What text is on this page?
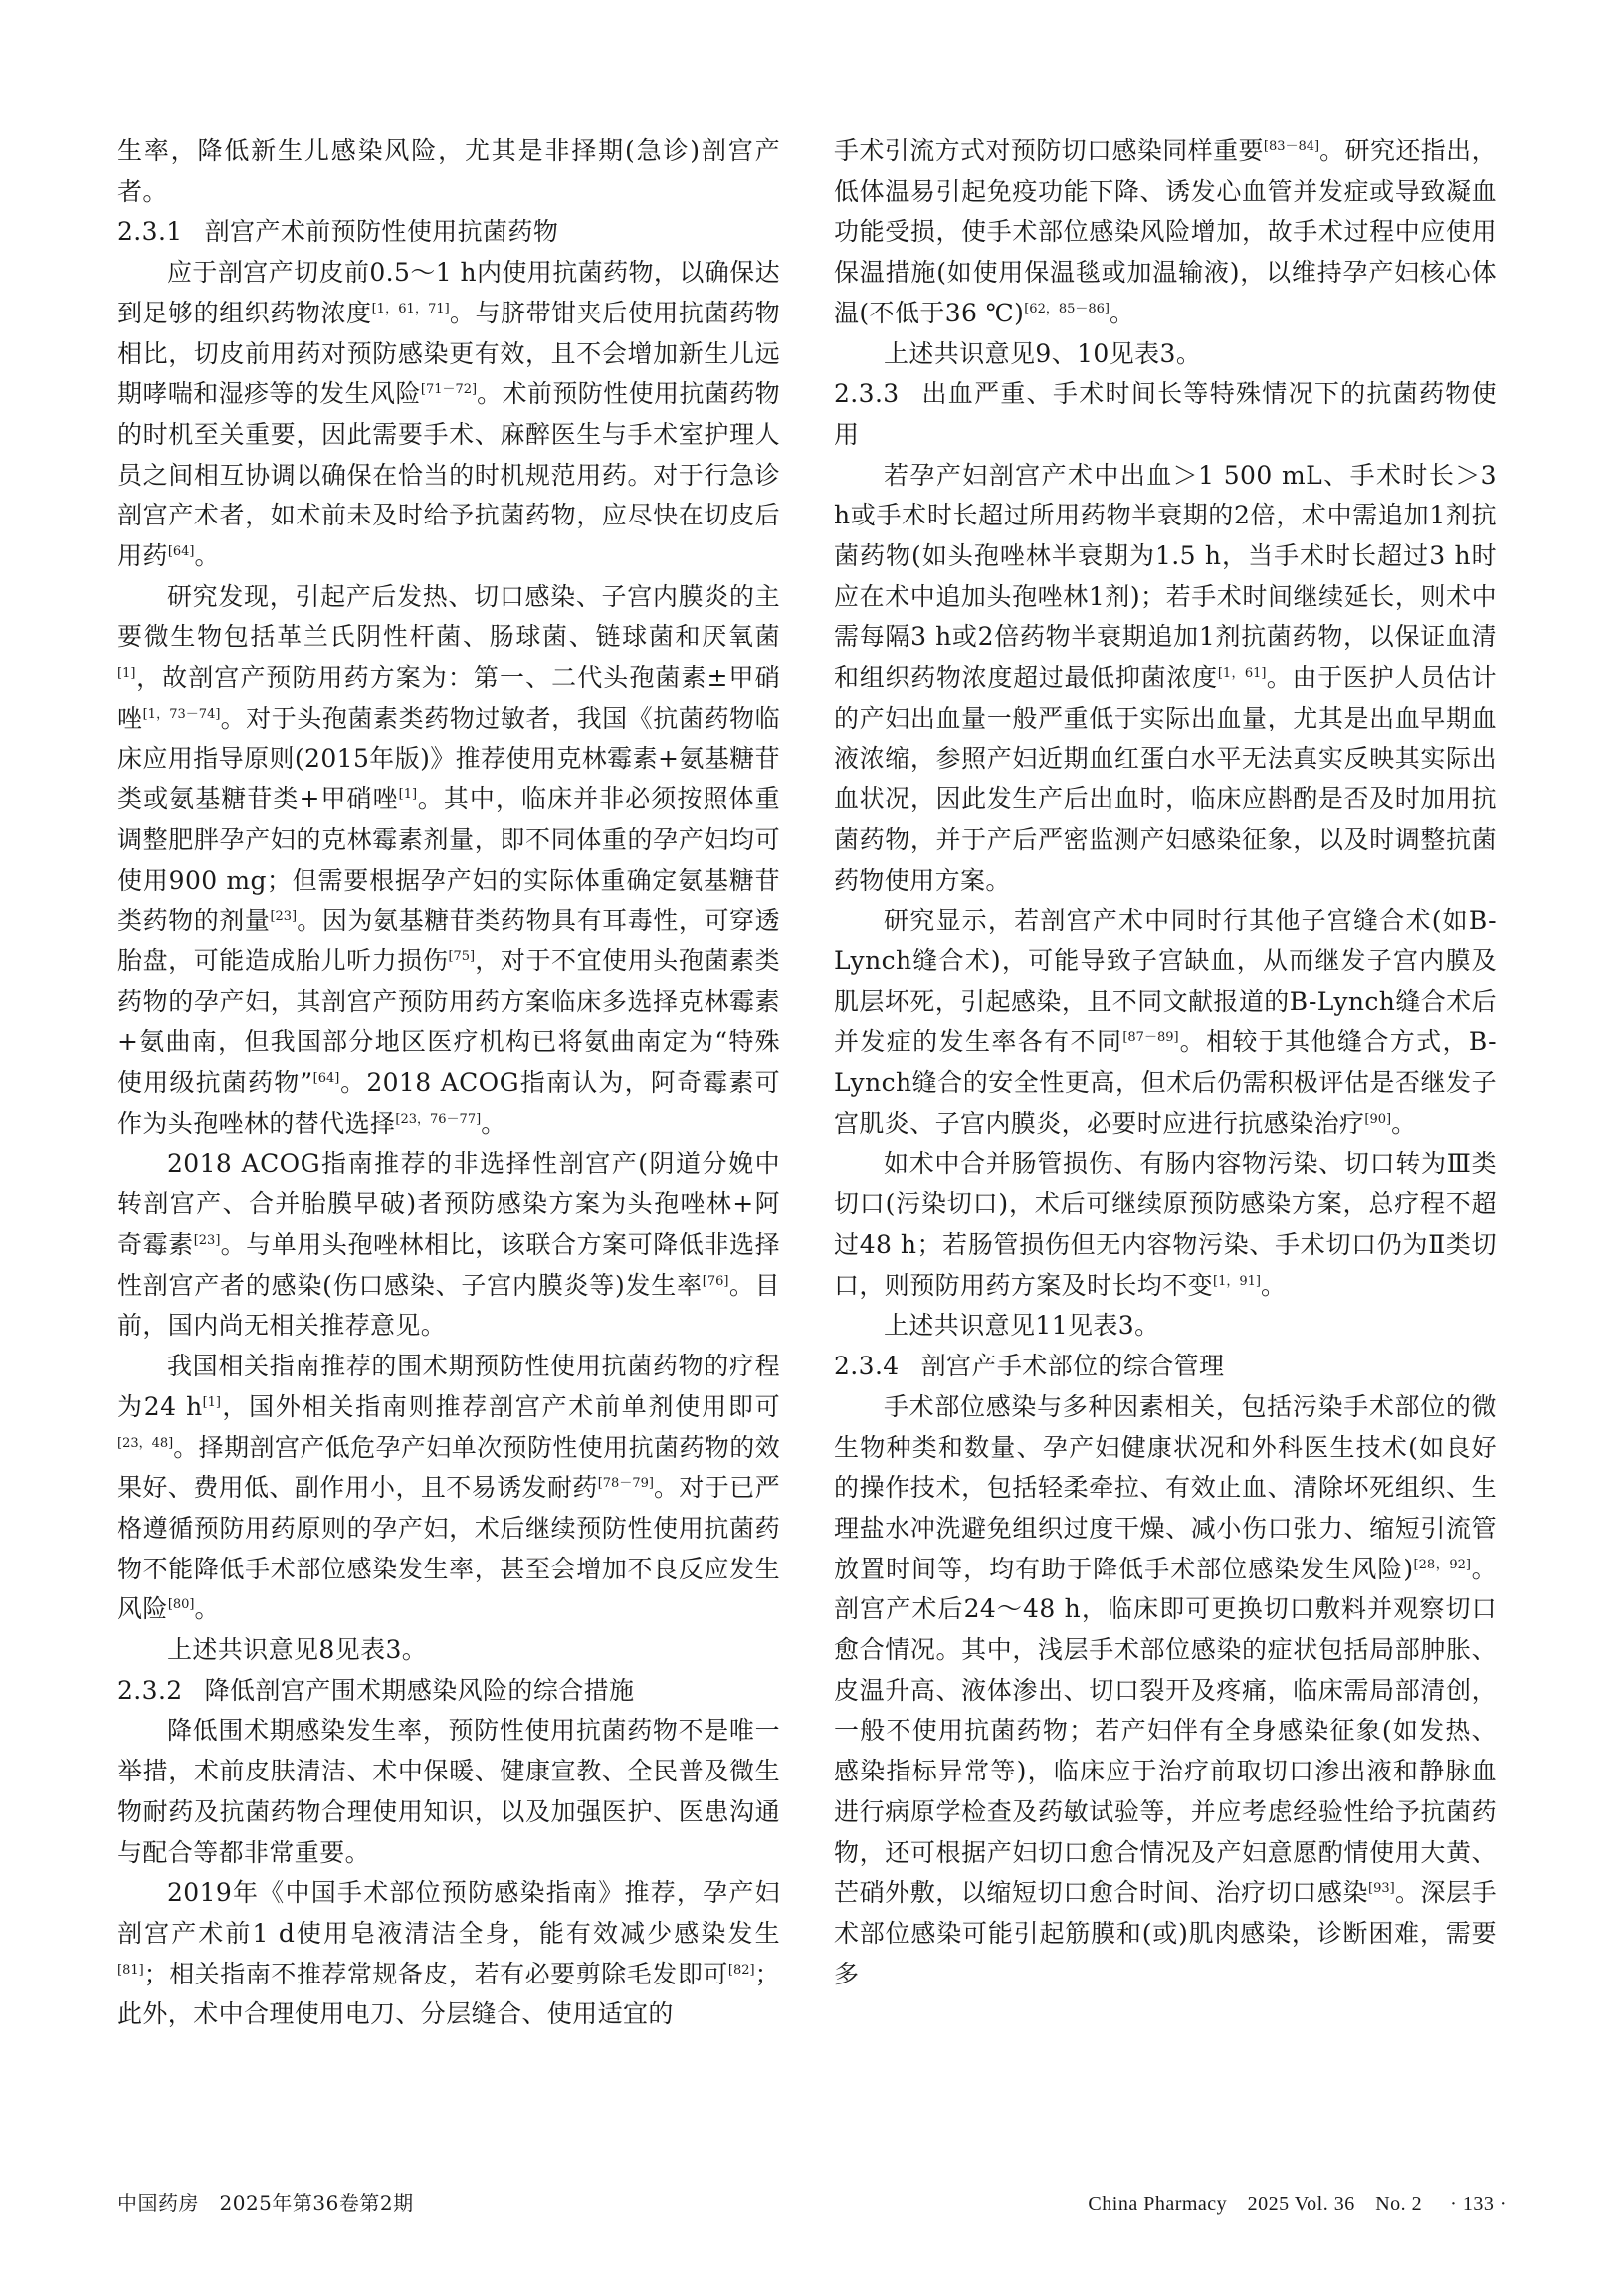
生率，降低新生儿感染风险，尤其是非择期(急诊)剖宫产者。

2.3.1 剖宫产术前预防性使用抗菌药物

应于剖宫产切皮前0.5～1 h内使用抗菌药物，以确保达到足够的组织药物浓度[1，61，71]。与脐带钳夹后使用抗菌药物相比，切皮前用药对预防感染更有效，且不会增加新生儿远期哮喘和湿疹等的发生风险[71－72]。术前预防性使用抗菌药物的时机至关重要，因此需要手术、麻醉医生与手术室护理人员之间相互协调以确保在恰当的时机规范用药。对于行急诊剖宫产术者，如术前未及时给予抗菌药物，应尽快在切皮后用药[64]。

研究发现，引起产后发热、切口感染、子宫内膜炎的主要微生物包括革兰氏阴性杆菌、肠球菌、链球菌和厌氧菌[1]，故剖宫产预防用药方案为：第一、二代头孢菌素±甲硝唑[1，73－74]。对于头孢菌素类药物过敏者，我国《抗菌药物临床应用指导原则(2015年版)》推荐使用克林霉素+氨基糖苷类或氨基糖苷类+甲硝唑[1]。其中，临床并非必须按照体重调整肥胖孕产妇的克林霉素剂量，即不同体重的孕产妇均可使用900 mg；但需要根据孕产妇的实际体重确定氨基糖苷类药物的剂量[23]。因为氨基糖苷类药物具有耳毒性，可穿透胎盘，可能造成胎儿听力损伤[75]，对于不宜使用头孢菌素类药物的孕产妇，其剖宫产预防用药方案临床多选择克林霉素+氨曲南，但我国部分地区医疗机构已将氨曲南定为“特殊使用级抗菌药物”[64]。2018 ACOG指南认为，阿奇霉素可作为头孢唑林的替代选择[23，76－77]。

2018 ACOG指南推荐的非选择性剖宫产(阴道分娩中转剖宫产、合并胎膜早破)者预防感染方案为头孢唑林+阿奇霉素[23]。与单用头孢唑林相比，该联合方案可降低非选择性剖宫产者的感染(伤口感染、子宫内膜炎等)发生率[76]。目前，国内尚无相关推荐意见。

我国相关指南推荐的围术期预防性使用抗菌药物的疗程为24 h[1]，国外相关指南则推荐剖宫产术前单剂使用即可[23，48]。择期剖宫产低危孕产妇单次预防性使用抗菌药物的效果好、费用低、副作用小，且不易诱发耐药[78－79]。对于已严格遵循预防用药原则的孕产妇，术后继续预防性使用抗菌药物不能降低手术部位感染发生率，甚至会增加不良反应发生风险[80]。

上述共识意见8见表3。

2.3.2 降低剖宫产围术期感染风险的综合措施

降低围术期感染发生率，预防性使用抗菌药物不是唯一举措，术前皮肤清洁、术中保暖、健康宣教、全民普及微生物耐药及抗菌药物合理使用知识，以及加强医护、医患沟通与配合等都非常重要。

2019年《中国手术部位预防感染指南》推荐，孕产妇剖宫产术前1 d使用皂液清洁全身，能有效减少感染发生[81]；相关指南不推荐常规备皮，若有必要剪除毛发即可[82]；此外，术中合理使用电刀、分层缝合、使用适宜的

手术引流方式对预防切口感染同样重要[83－84]。研究还指出，低体温易引起免疫功能下降、诱发心血管并发症或导致凝血功能受损，使手术部位感染风险增加，故手术过程中应使用保温措施(如使用保温毯或加温输液)，以维持孕产妇核心体温(不低于36 ℃)[62，85－86]。

上述共识意见9、10见表3。

2.3.3 出血严重、手术时间长等特殊情况下的抗菌药物使用

若孕产妇剖宫产术中出血＞1 500 mL、手术时长＞3 h或手术时长超过所用药物半衰期的2倍，术中需追加1剂抗菌药物(如头孢唑林半衰期为1.5 h，当手术时长超过3 h时应在术中追加头孢唑林1剂)；若手术时间继续延长，则术中需每隔3 h或2倍药物半衰期追加1剂抗菌药物，以保证血清和组织药物浓度超过最低抑菌浓度[1，61]。由于医护人员估计的产妇出血量一般严重低于实际出血量，尤其是出血早期血液浓缩，参照产妇近期血红蛋白水平无法真实反映其实际出血状况，因此发生产后出血时，临床应斟酌是否及时加用抗菌药物，并于产后严密监测产妇感染征象，以及时调整抗菌药物使用方案。

研究显示，若剖宫产术中同时行其他子宫缝合术(如B-Lynch缝合术)，可能导致子宫缺血，从而继发子宫内膜及肌层坏死，引起感染，且不同文献报道的B-Lynch缝合术后并发症的发生率各有不同[87－89]。相较于其他缝合方式，B-Lynch缝合的安全性更高，但术后仍需积极评估是否继发子宫肌炎、子宫内膜炎，必要时应进行抗感染治疗[90]。

如术中合并肠管损伤、有肠内容物污染、切口转为Ⅲ类切口(污染切口)，术后可继续原预防感染方案，总疗程不超过48 h；若肠管损伤但无内容物污染、手术切口仍为Ⅱ类切口，则预防用药方案及时长均不变[1，91]。

上述共识意见11见表3。

2.3.4 剖宫产手术部位的综合管理

手术部位感染与多种因素相关，包括污染手术部位的微生物种类和数量、孕产妇健康状况和外科医生技术(如良好的操作技术，包括轻柔牵拉、有效止血、清除坏死组织、生理盐水冲洗避免组织过度干燥、减小伤口张力、缩短引流管放置时间等，均有助于降低手术部位感染发生风险)[28，92]。剖宫产术后24～48 h，临床即可更换切口敷料并观察切口愈合情况。其中，浅层手术部位感染的症状包括局部肿胀、皮温升高、液体渗出、切口裂开及疼痛，临床需局部清创，一般不使用抗菌药物；若产妇伴有全身感染征象(如发热、感染指标异常等)，临床应于治疗前取切口渗出液和静脉血进行病原学检查及药敏试验等，并应考虑经验性给予抗菌药物，还可根据产妇切口愈合情况及产妇意愿酌情使用大黄、芒硝外敷，以缩短切口愈合时间、治疗切口感染[93]。深层手术部位感染可能引起筋膜和(或)肌肉感染，诊断困难，需要多

中国药房　2025年第36卷第2期	China Pharmacy　2025 Vol. 36　No. 2 · 133 ·
